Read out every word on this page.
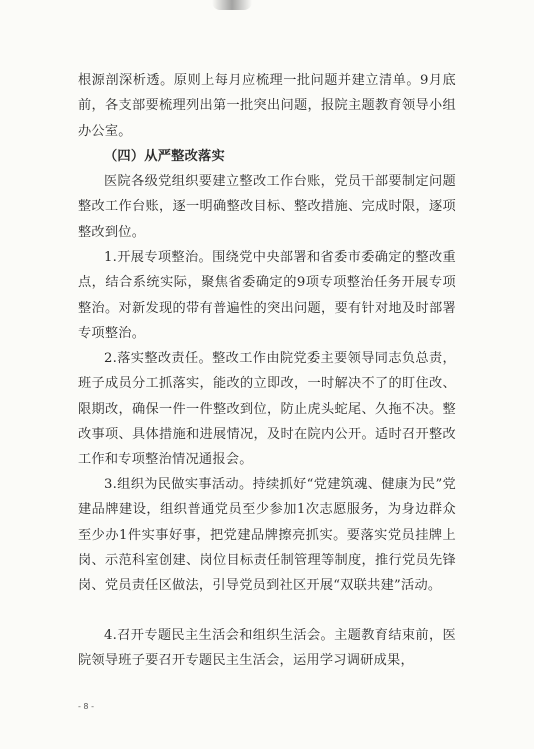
根源剖深析透。原则上每月应梳理一批问题并建立清单。9月底前，各支部要梳理列出第一批突出问题，报院主题教育领导小组办公室。

（四）从严整改落实

医院各级党组织要建立整改工作台账，党员干部要制定问题整改工作台账，逐一明确整改目标、整改措施、完成时限，逐项整改到位。

1.开展专项整治。围绕党中央部署和省委市委确定的整改重点，结合系统实际，聚焦省委确定的9项专项整治任务开展专项整治。对新发现的带有普遍性的突出问题，要有针对地及时部署专项整治。

2.落实整改责任。整改工作由院党委主要领导同志负总责，班子成员分工抓落实，能改的立即改，一时解决不了的盯住改、限期改，确保一件一件整改到位，防止虎头蛇尾、久拖不决。整改事项、具体措施和进展情况，及时在院内公开。适时召开整改工作和专项整治情况通报会。

3.组织为民做实事活动。持续抓好“党建筑魂、健康为民”党建品牌建设，组织普通党员至少参加1次志愿服务，为身边群众至少办1件实事好事，把党建品牌擦亮抓实。要落实党员挂牌上岗、示范科室创建、岗位目标责任制管理等制度，推行党员先锋岗、党员责任区做法，引导党员到社区开展“双联共建”活动。

4.召开专题民主生活会和组织生活会。主题教育结束前，医院领导班子要召开专题民主生活会，运用学习调研成果，

- 8 -
